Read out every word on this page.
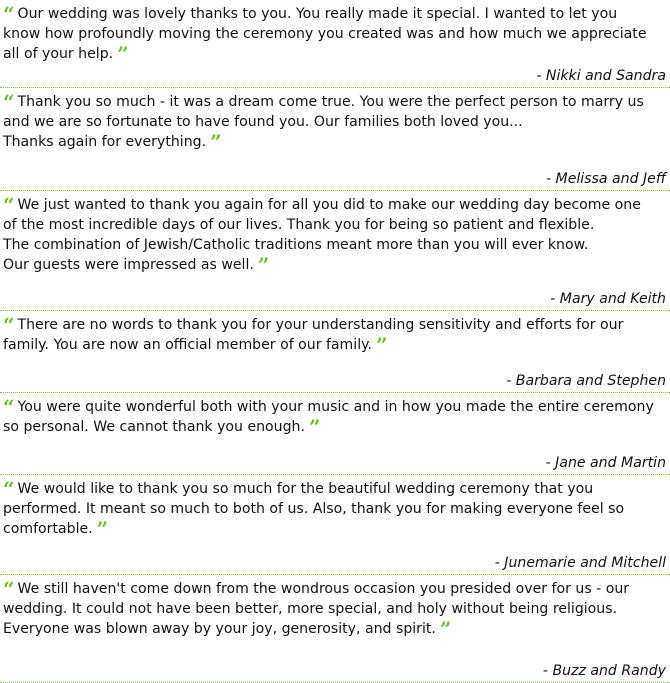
“ Our wedding was lovely thanks to you. You really made it special. I wanted to let you
know how profoundly moving the ceremony you created was and how much we appreciate
all of your help. ”

- Nikki and Sandra

“ Thank you so much - it was a dream come true. You were the perfect person to marry us
and we are so fortunate to have found you. Our families both loved you...
Thanks again for everything. ”

- Melissa and Jeff

“ We just wanted to thank you again for all you did to make our wedding day become one
of the most incredible days of our lives. Thank you for being so patient and flexible.
The combination of Jewish/Catholic traditions meant more than you will ever know.
Our guests were impressed as well. ”

- Mary and Keith

“ There are no words to thank you for your understanding sensitivity and efforts for our
family. You are now an official member of our family. ”

- Barbara and Stephen

“ You were quite wonderful both with your music and in how you made the entire ceremony
so personal. We cannot thank you enough. ”

- Jane and Martin

“ We would like to thank you so much for the beautiful wedding ceremony that you
performed. It meant so much to both of us. Also, thank you for making everyone feel so
comfortable. ”

- Junemarie and Mitchell

“ We still haven't come down from the wondrous occasion you presided over for us - our
wedding. It could not have been better, more special, and holy without being religious.
Everyone was blown away by your joy, generosity, and spirit. ”

- Buzz and Randy
